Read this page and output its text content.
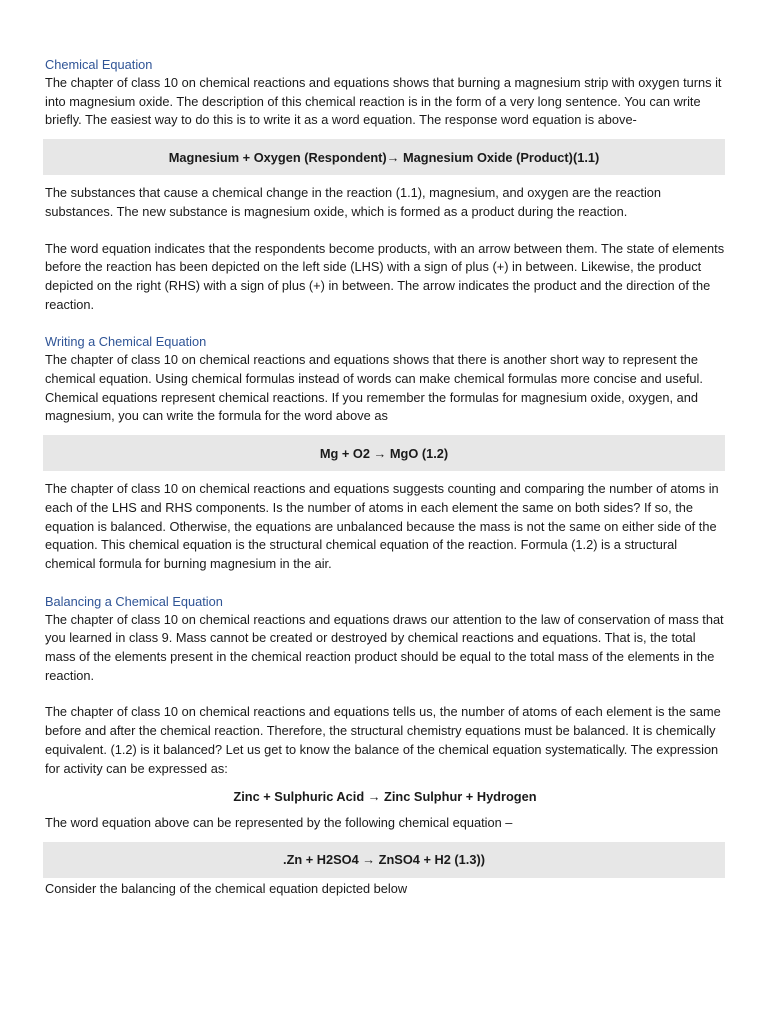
Chemical Equation

The chapter of class 10 on chemical reactions and equations shows that burning a magnesium strip with oxygen turns it into magnesium oxide. The description of this chemical reaction is in the form of a very long sentence. You can write briefly. The easiest way to do this is to write it as a word equation. The response word equation is above-

Magnesium + Oxygen (Respondent)→ Magnesium Oxide (Product)(1.1)

The substances that cause a chemical change in the reaction (1.1), magnesium, and oxygen are the reaction substances. The new substance is magnesium oxide, which is formed as a product during the reaction.

The word equation indicates that the respondents become products, with an arrow between them. The state of elements before the reaction has been depicted on the left side (LHS) with a sign of plus (+) in between. Likewise, the product depicted on the right (RHS) with a sign of plus (+) in between. The arrow indicates the product and the direction of the reaction.

Writing a Chemical Equation

The chapter of class 10 on chemical reactions and equations shows that there is another short way to represent the chemical equation. Using chemical formulas instead of words can make chemical formulas more concise and useful. Chemical equations represent chemical reactions. If you remember the formulas for magnesium oxide, oxygen, and magnesium, you can write the formula for the word above as

Mg + O2 → MgO (1.2)

The chapter of class 10 on chemical reactions and equations suggests counting and comparing the number of atoms in each of the LHS and RHS components. Is the number of atoms in each element the same on both sides? If so, the equation is balanced. Otherwise, the equations are unbalanced because the mass is not the same on either side of the equation. This chemical equation is the structural chemical equation of the reaction. Formula (1.2) is a structural chemical formula for burning magnesium in the air.

Balancing a Chemical Equation

The chapter of class 10 on chemical reactions and equations draws our attention to the law of conservation of mass that you learned in class 9. Mass cannot be created or destroyed by chemical reactions and equations. That is, the total mass of the elements present in the chemical reaction product should be equal to the total mass of the elements in the reaction.

The chapter of class 10 on chemical reactions and equations tells us, the number of atoms of each element is the same before and after the chemical reaction. Therefore, the structural chemistry equations must be balanced. It is chemically equivalent. (1.2) is it balanced? Let us get to know the balance of the chemical equation systematically. The expression for activity can be expressed as:

Zinc + Sulphuric Acid → Zinc Sulphur + Hydrogen

The word equation above can be represented by the following chemical equation –

.Zn + H2SO4 → ZnSO4 + H2 (1.3))

Consider the balancing of the chemical equation depicted below
